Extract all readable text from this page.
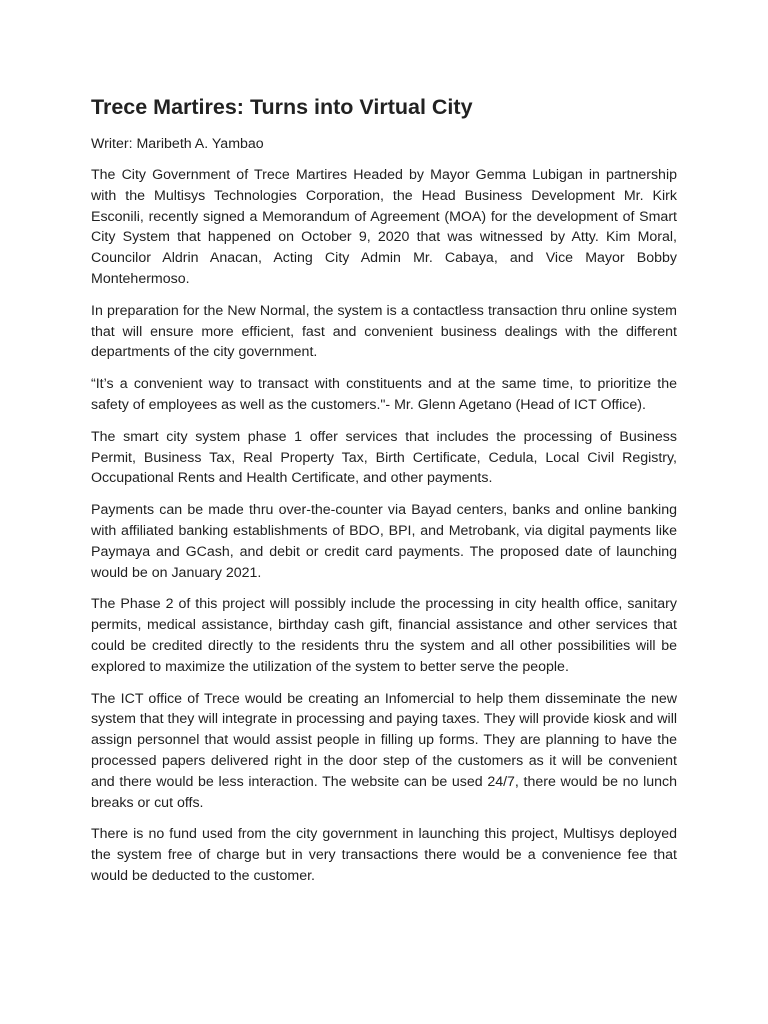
Trece Martires: Turns into Virtual City

Writer: Maribeth A. Yambao

The City Government of Trece Martires Headed by Mayor Gemma Lubigan in partnership with the Multisys Technologies Corporation, the Head Business Development Mr. Kirk Esconili, recently signed a Memorandum of Agreement (MOA) for the development of Smart City System that happened on October 9, 2020 that was witnessed by Atty. Kim Moral, Councilor Aldrin Anacan, Acting City Admin Mr. Cabaya, and Vice Mayor Bobby Montehermoso.

In preparation for the New Normal, the system is a contactless transaction thru online system that will ensure more efficient, fast and convenient business dealings with the different departments of the city government.

“It’s a convenient way to transact with constituents and at the same time, to prioritize the safety of employees as well as the customers."- Mr. Glenn Agetano (Head of ICT Office).

The smart city system phase 1 offer services that includes the processing of Business Permit, Business Tax, Real Property Tax, Birth Certificate, Cedula, Local Civil Registry, Occupational Rents and Health Certificate, and other payments.

Payments can be made thru over-the-counter via Bayad centers, banks and online banking with affiliated banking establishments of BDO, BPI, and Metrobank, via digital payments like Paymaya and GCash, and debit or credit card payments. The proposed date of launching would be on January 2021.

The Phase 2 of this project will possibly include the processing in city health office, sanitary permits, medical assistance, birthday cash gift, financial assistance and other services that could be credited directly to the residents thru the system and all other possibilities will be explored to maximize the utilization of the system to better serve the people.

The ICT office of Trece would be creating an Infomercial to help them disseminate the new system that they will integrate in processing and paying taxes. They will provide kiosk and will assign personnel that would assist people in filling up forms. They are planning to have the processed papers delivered right in the door step of the customers as it will be convenient and there would be less interaction. The website can be used 24/7, there would be no lunch breaks or cut offs.

There is no fund used from the city government in launching this project, Multisys deployed the system free of charge but in very transactions there would be a convenience fee that would be deducted to the customer.
